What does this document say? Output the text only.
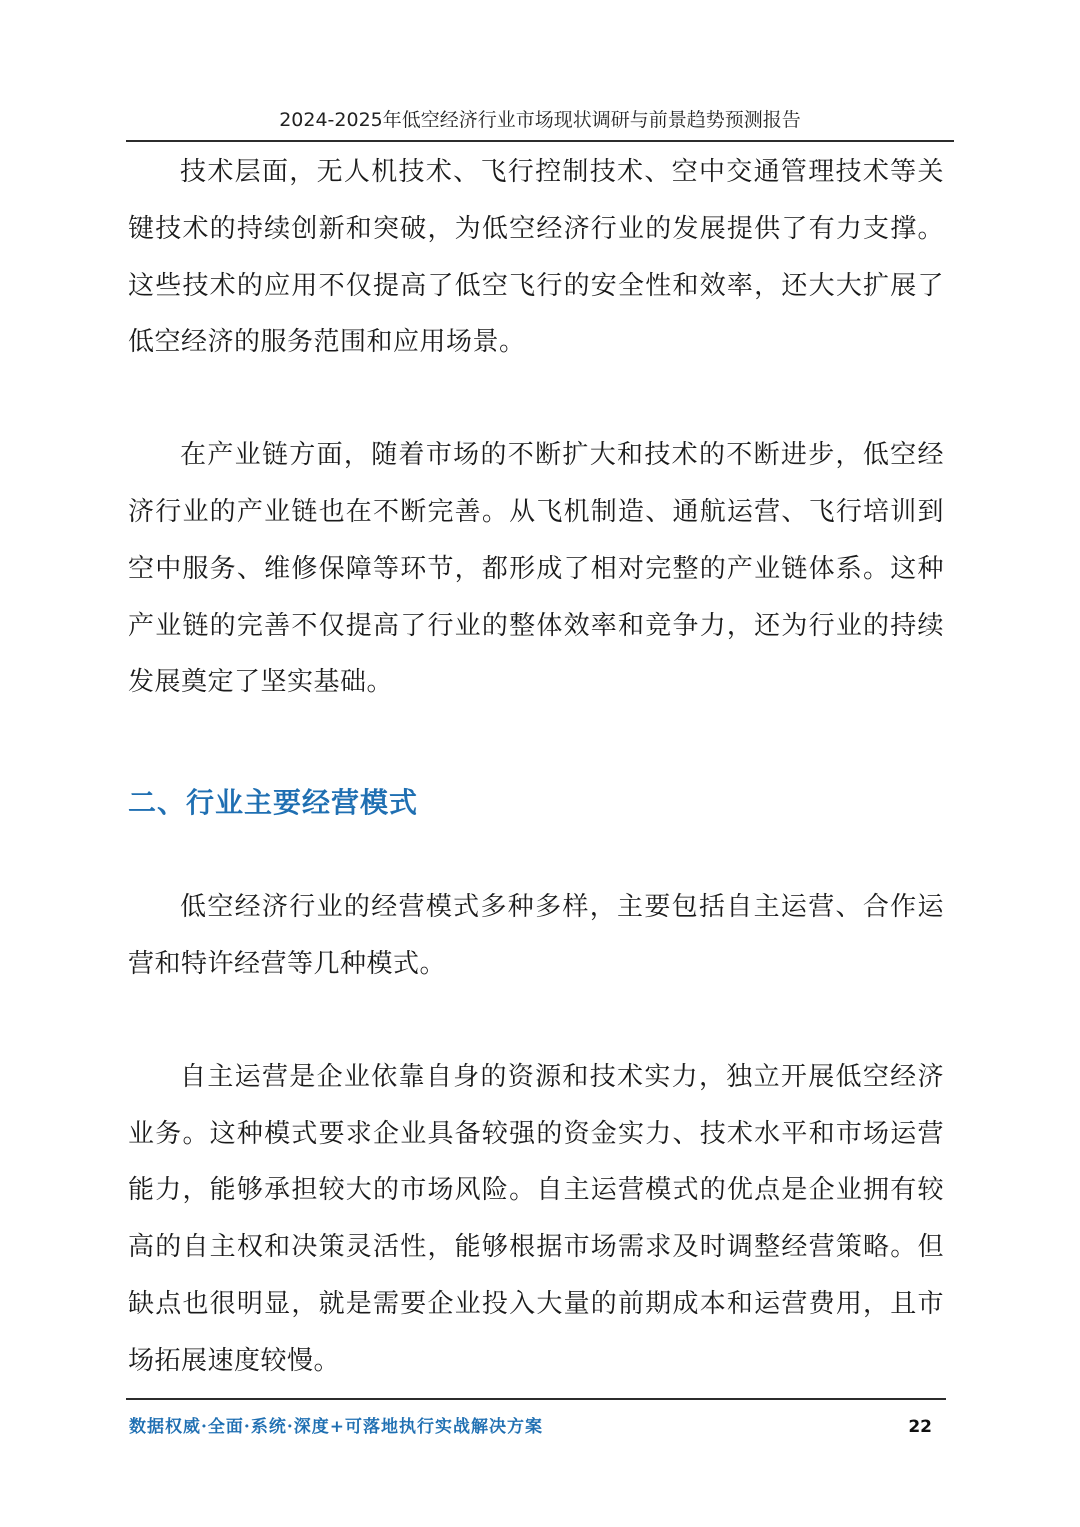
2024-2025年低空经济行业市场现状调研与前景趋势预测报告

技术层面，无人机技术、飞行控制技术、空中交通管理技术等关键技术的持续创新和突破，为低空经济行业的发展提供了有力支撑。这些技术的应用不仅提高了低空飞行的安全性和效率，还大大扩展了低空经济的服务范围和应用场景。

在产业链方面，随着市场的不断扩大和技术的不断进步，低空经济行业的产业链也在不断完善。从飞机制造、通航运营、飞行培训到空中服务、维修保障等环节，都形成了相对完整的产业链体系。这种产业链的完善不仅提高了行业的整体效率和竞争力，还为行业的持续发展奠定了坚实基础。

二、行业主要经营模式

低空经济行业的经营模式多种多样，主要包括自主运营、合作运营和特许经营等几种模式。

自主运营是企业依靠自身的资源和技术实力，独立开展低空经济业务。这种模式要求企业具备较强的资金实力、技术水平和市场运营能力，能够承担较大的市场风险。自主运营模式的优点是企业拥有较高的自主权和决策灵活性，能够根据市场需求及时调整经营策略。但缺点也很明显，就是需要企业投入大量的前期成本和运营费用，且市场拓展速度较慢。

数据权威·全面·系统·深度+可落地执行实战解决方案	22
